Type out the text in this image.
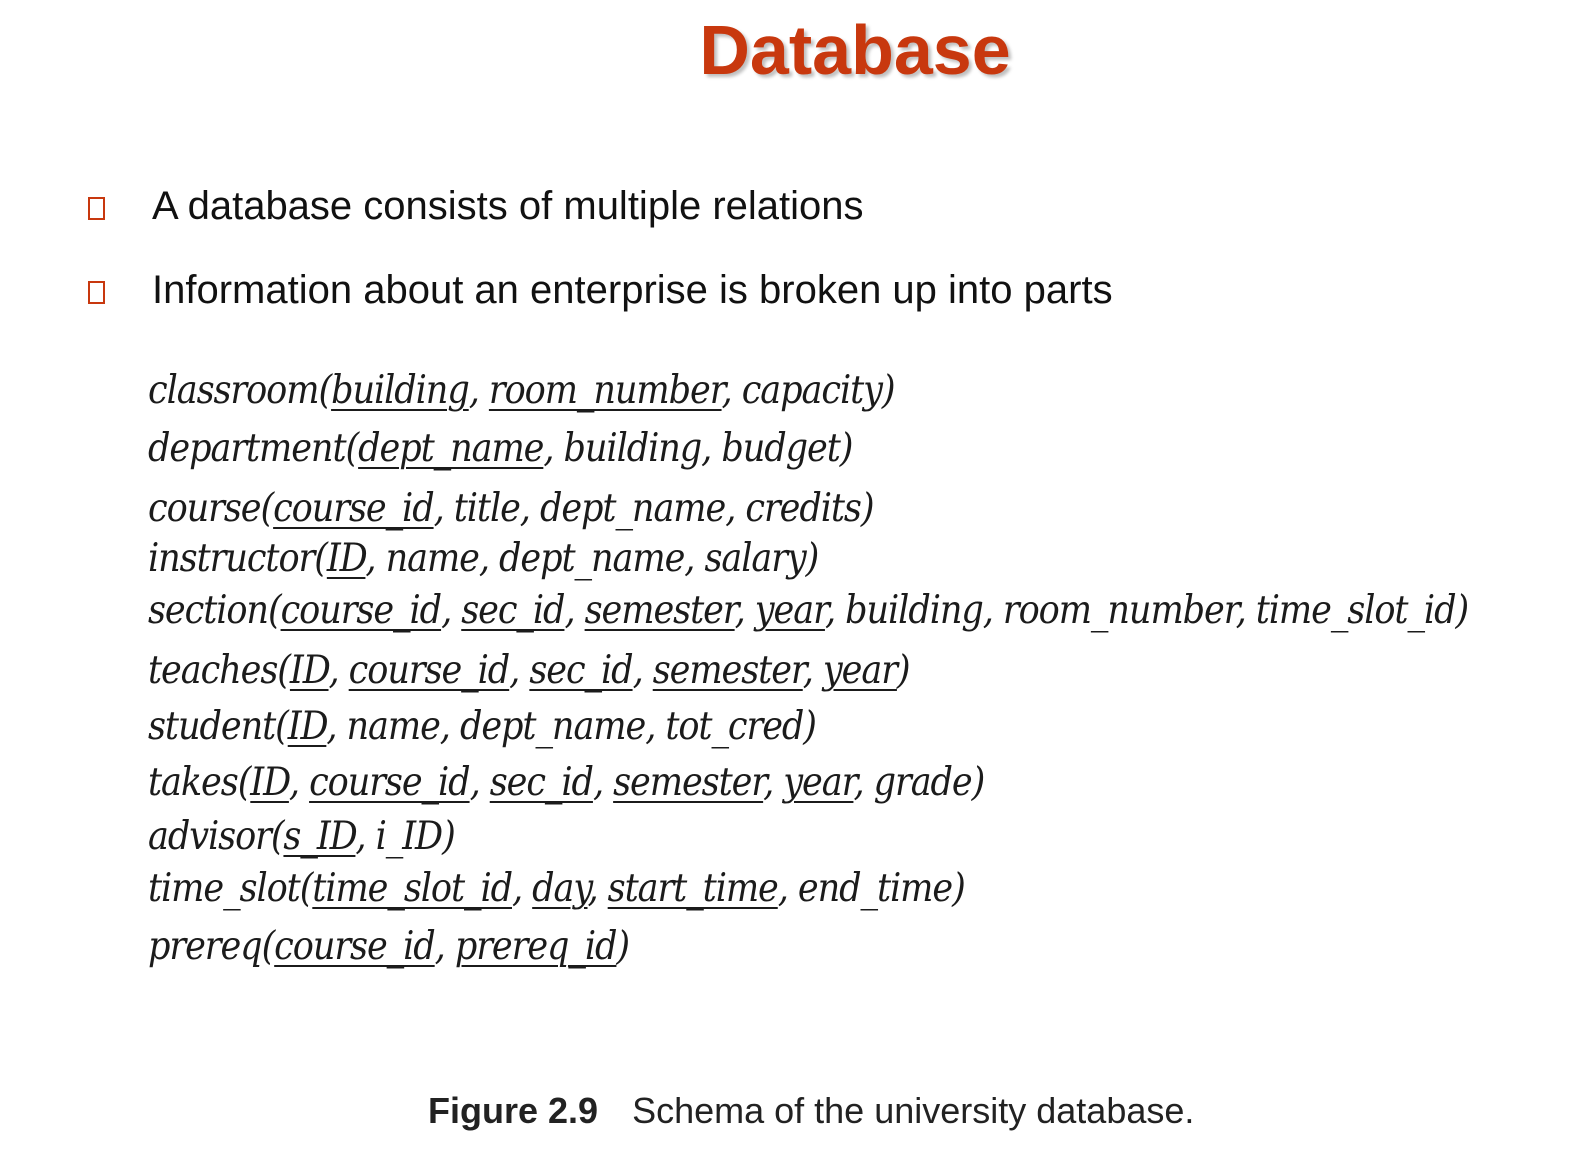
Database
A database consists of multiple relations
Information about an enterprise is broken up into parts
classroom(building, room_number, capacity)
department(dept_name, building, budget)
course(course_id, title, dept_name, credits)
instructor(ID, name, dept_name, salary)
section(course_id, sec_id, semester, year, building, room_number, time_slot_id)
teaches(ID, course_id, sec_id, semester, year)
student(ID, name, dept_name, tot_cred)
takes(ID, course_id, sec_id, semester, year, grade)
advisor(s_ID, i_ID)
time_slot(time_slot_id, day, start_time, end_time)
prereq(course_id, prereq_id)
Figure 2.9 Schema of the university database.
